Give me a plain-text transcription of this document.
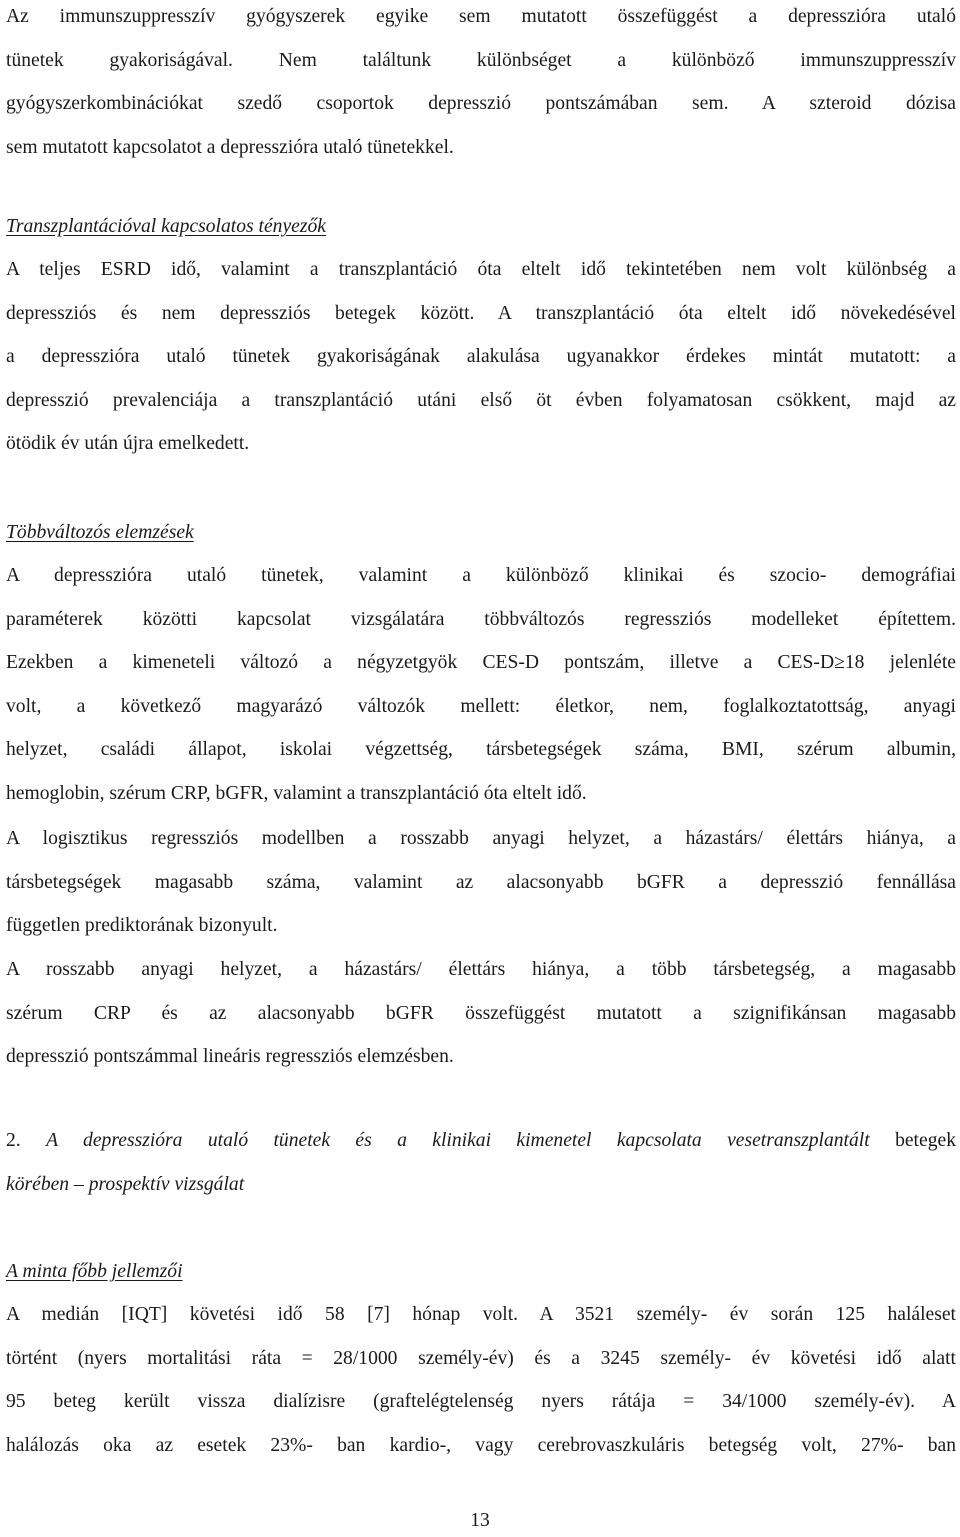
Az immunszuppresszív gyógyszerek egyike sem mutatott összefüggést a depresszióra utaló
tünetek gyakoriságával. Nem találtunk különbséget a különböző immunszuppresszív
gyógyszerkombinációkat szedő csoportok depresszió pontszámában sem. A szteroid dózisa
sem mutatott kapcsolatot a depresszióra utaló tünetekkel.

Transzplantációval kapcsolatos tényezők

A teljes ESRD idő, valamint a transzplantáció óta eltelt idő tekintetében nem volt különbség a
depressziós és nem depressziós betegek között. A transzplantáció óta eltelt idő növekedésével
a depresszióra utaló tünetek gyakoriságának alakulása ugyanakkor érdekes mintát mutatott: a
depresszió prevalenciája a transzplantáció utáni első öt évben folyamatosan csökkent, majd az
ötödik év után újra emelkedett.

Többváltozós elemzések

A depresszióra utaló tünetek, valamint a különböző klinikai és szocio- demográfiai
paraméterek közötti kapcsolat vizsgálatára többváltozós regressziós modelleket építettem.
Ezekben a kimeneteli változó a négyzetgyök CES-D pontszám, illetve a CES-D≥18 jelenléte
volt, a következő magyarázó változók mellett: életkor, nem, foglalkoztatottság, anyagi
helyzet, családi állapot, iskolai végzettség, társbetegségek száma, BMI, szérum albumin,
hemoglobin, szérum CRP, bGFR, valamint a transzplantáció óta eltelt idő.

A logisztikus regressziós modellben a rosszabb anyagi helyzet, a házastárs/ élettárs hiánya, a
társbetegségek magasabb száma, valamint az alacsonyabb bGFR a depresszió fennállása
független prediktorának bizonyult.

A rosszabb anyagi helyzet, a házastárs/ élettárs hiánya, a több társbetegség, a magasabb
szérum CRP és az alacsonyabb bGFR összefüggést mutatott a szignifikánsan magasabb
depresszió pontszámmal lineáris regressziós elemzésben.

2. A depresszióra utaló tünetek és a klinikai kimenetel kapcsolata vesetranszplantált betegek
körében – prospektív vizsgálat

A minta főbb jellemzői

A medián [IQT] követési idő 58 [7] hónap volt. A 3521 személy- év során 125 haláleset
történt (nyers mortalitási ráta = 28/1000 személy-év) és a 3245 személy- év követési idő alatt
95 beteg került vissza dialízisre (graftelégtelenség nyers rátája = 34/1000 személy-év). A
halálozás oka az esetek 23%- ban kardio-, vagy cerebrovaszkuláris betegség volt, 27%- ban

13
